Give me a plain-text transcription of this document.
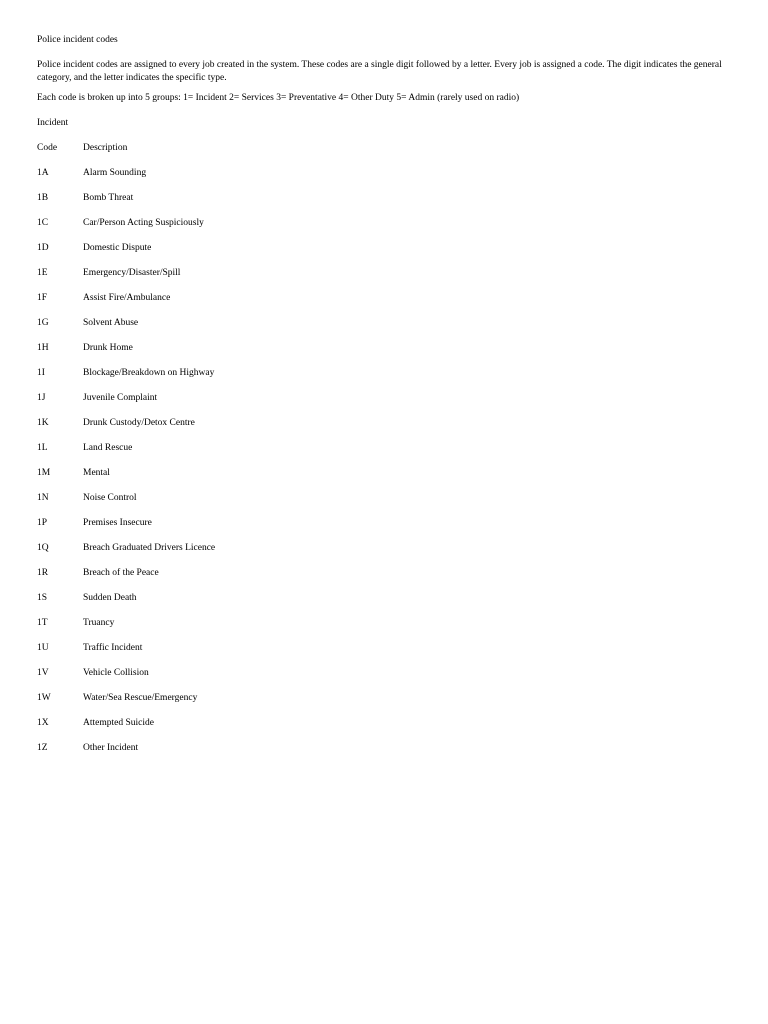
Police incident codes

Police incident codes are assigned to every job created in the system. These codes are a single digit followed by a letter. Every job is assigned a code. The digit indicates the general category, and the letter indicates the specific type.

Each code is broken up into 5 groups: 1= Incident 2= Services 3= Preventative 4= Other Duty 5= Admin (rarely used on radio)

Incident

Code	Description
1A	Alarm Sounding
1B	Bomb Threat
1C	Car/Person Acting Suspiciously
1D	Domestic Dispute
1E	Emergency/Disaster/Spill
1F	Assist Fire/Ambulance
1G	Solvent Abuse
1H	Drunk Home
1I	Blockage/Breakdown on Highway
1J	Juvenile Complaint
1K	Drunk Custody/Detox Centre
1L	Land Rescue
1M	Mental
1N	Noise Control
1P	Premises Insecure
1Q	Breach Graduated Drivers Licence
1R	Breach of the Peace
1S	Sudden Death
1T	Truancy
1U	Traffic Incident
1V	Vehicle Collision
1W	Water/Sea Rescue/Emergency
1X	Attempted Suicide
1Z	Other Incident
